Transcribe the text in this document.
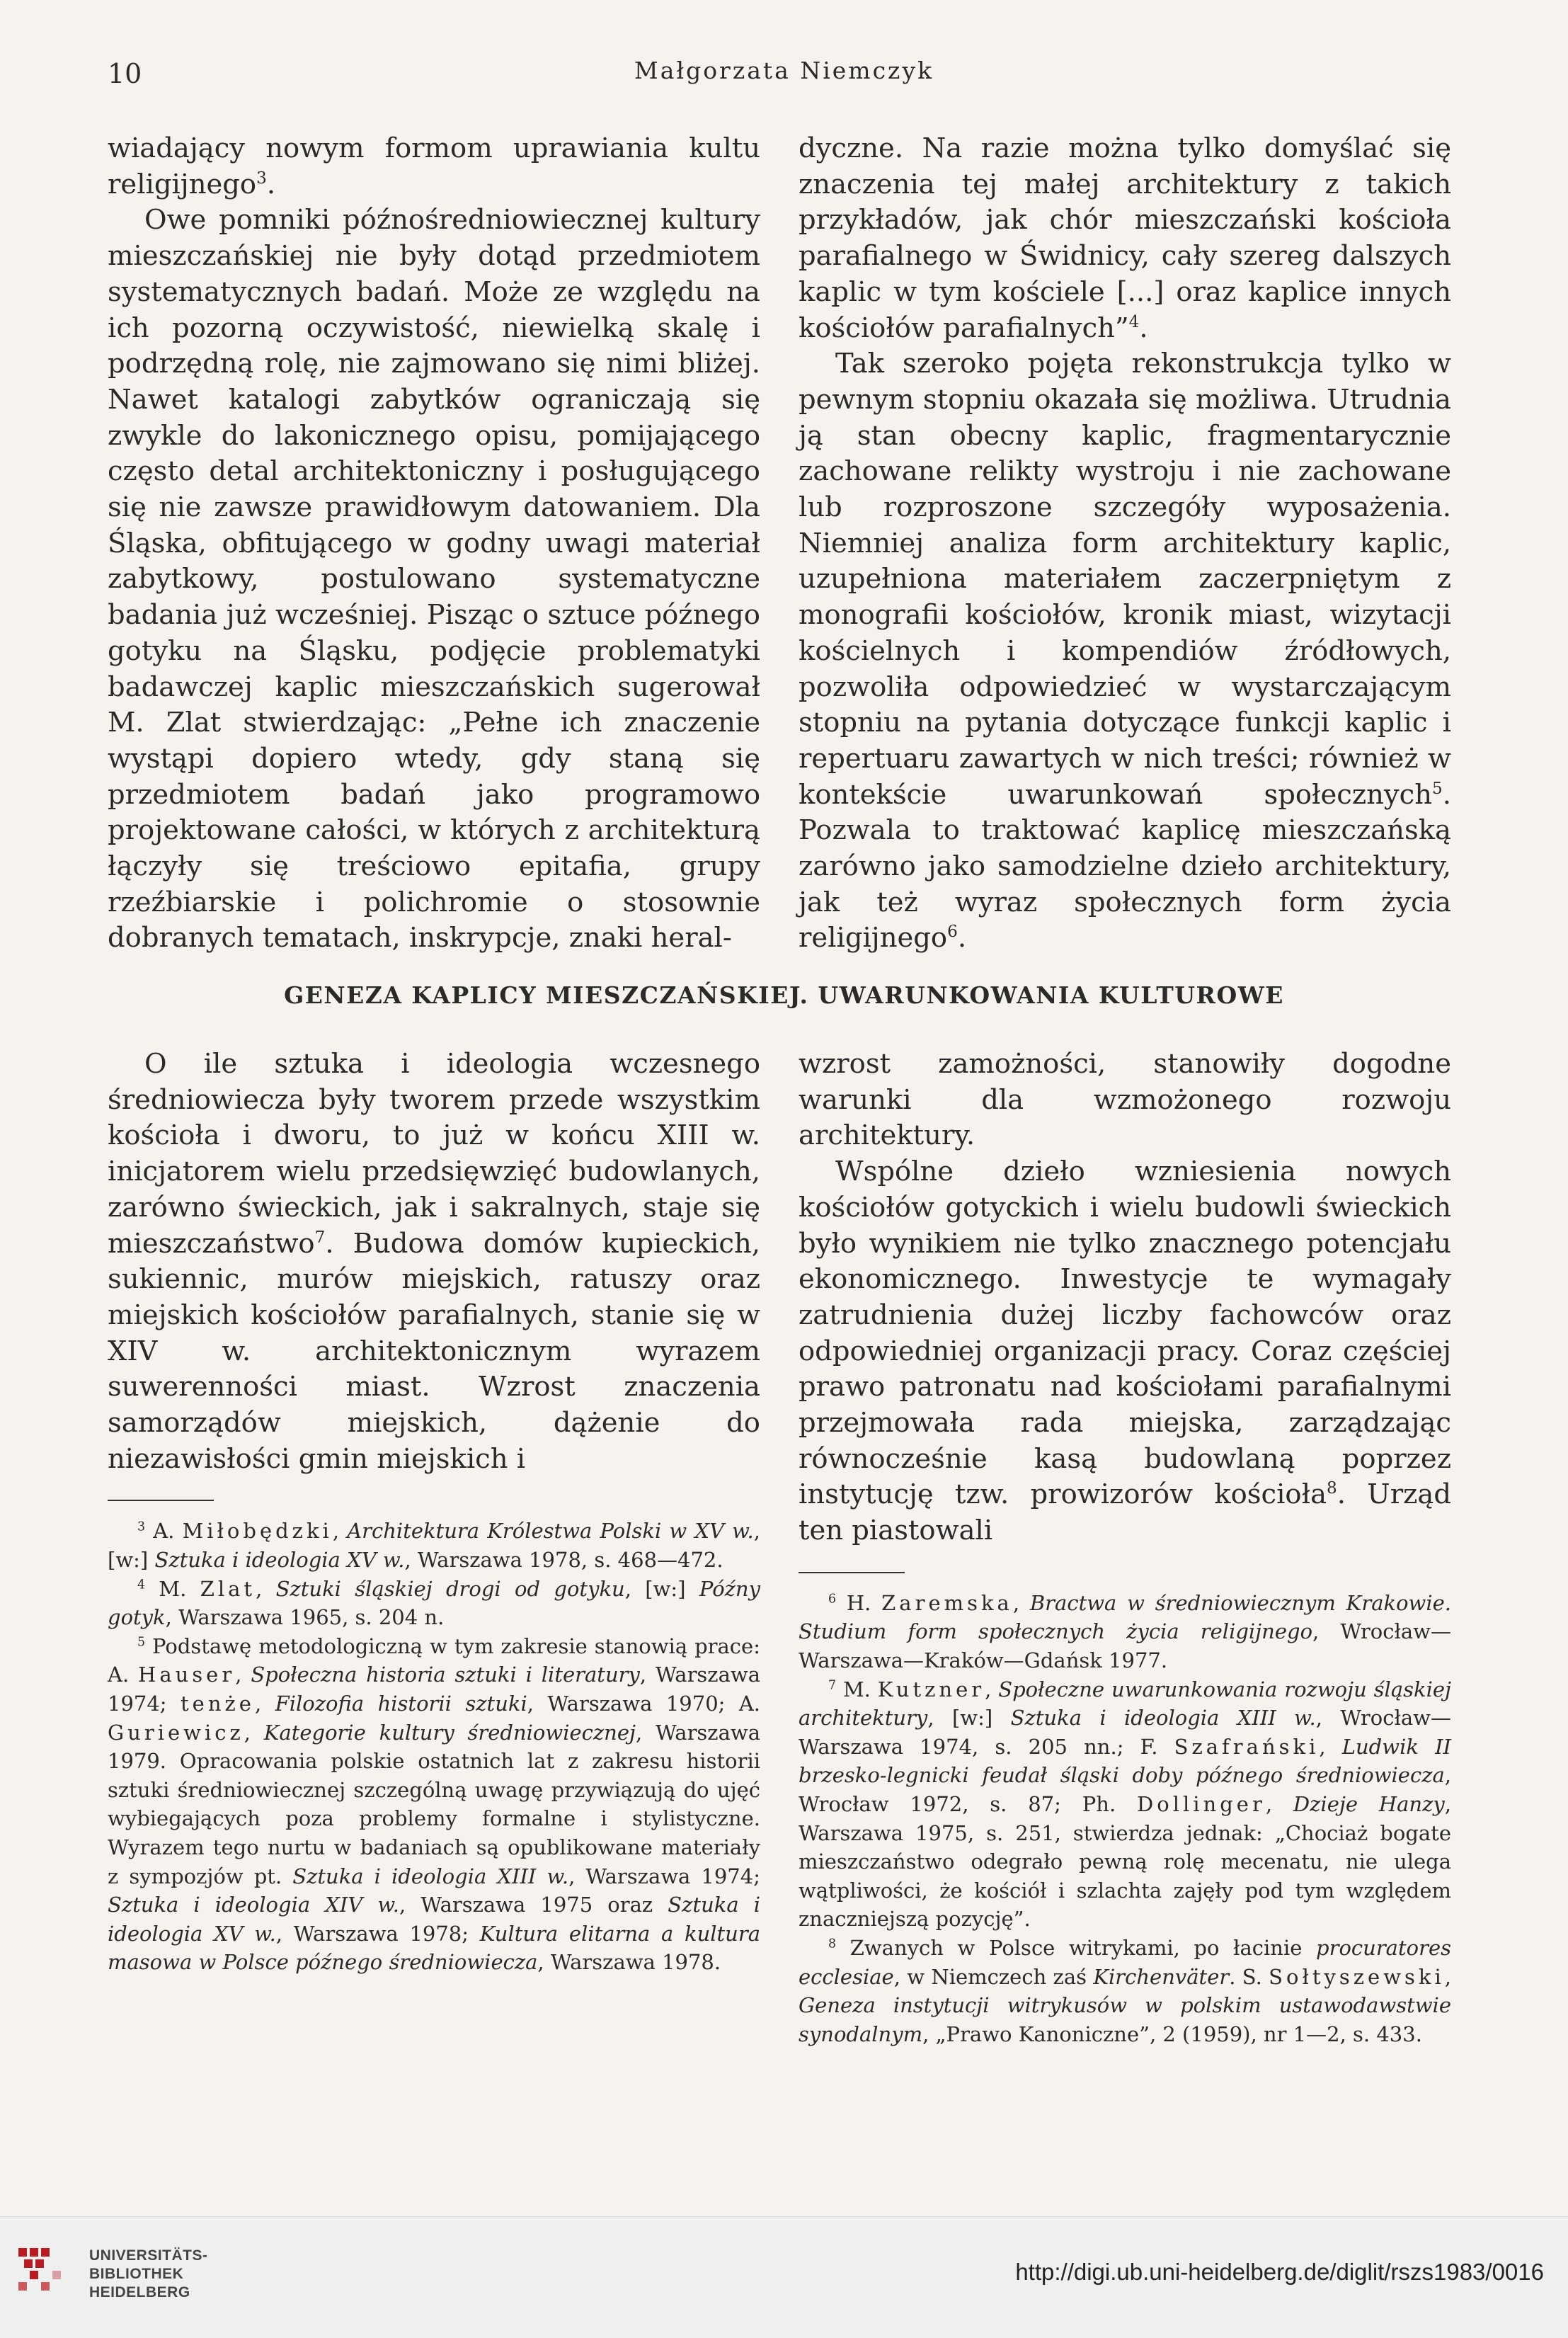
10	Małgorzata Niemczyk

wiadający nowym formom uprawiania kultu religijnego$^3$.

Owe pomniki późnośredniowiecznej kultury mieszczańskiej nie były dotąd przedmiotem systematycznych badań. Może ze względu na ich pozorną oczywistość, niewielką skalę i podrzędną rolę, nie zajmowano się nimi bliżej. Nawet katalogi zabytków ograniczają się zwykle do lakonicznego opisu, pomijającego często detal architektoniczny i posługującego się nie zawsze prawidłowym datowaniem. Dla Śląska, obfitującego w godny uwagi materiał zabytkowy, postulowano systematyczne badania już wcześniej. Pisząc o sztuce późnego gotyku na Śląsku, podjęcie problematyki badawczej kaplic mieszczańskich sugerował M. Zlat stwierdzając: „Pełne ich znaczenie wystąpi dopiero wtedy, gdy staną się przedmiotem badań jako programowo projektowane całości, w których z architekturą łączyły się treściowo epitafia, grupy rzeźbiarskie i polichromie o stosownie dobranych tematach, inskrypcje, znaki heral-

dyczne. Na razie można tylko domyślać się znaczenia tej małej architektury z takich przykładów, jak chór mieszczański kościoła parafialnego w Świdnicy, cały szereg dalszych kaplic w tym kościele [...] oraz kaplice innych kościołów parafialnych”$^4$.

Tak szeroko pojęta rekonstrukcja tylko w pewnym stopniu okazała się możliwa. Utrudnia ją stan obecny kaplic, fragmentarycznie zachowane relikty wystroju i nie zachowane lub rozproszone szczegóły wyposażenia. Niemniej analiza form architektury kaplic, uzupełniona materiałem zaczerpniętym z monografii kościołów, kronik miast, wizytacji kościelnych i kompendiów źródłowych, pozwoliła odpowiedzieć w wystarczającym stopniu na pytania dotyczące funkcji kaplic i repertuaru zawartych w nich treści; również w kontekście uwarunkowań społecznych$^5$. Pozwala to traktować kaplicę mieszczańską zarówno jako samodzielne dzieło architektury, jak też wyraz społecznych form życia religijnego$^6$.

GENEZA KAPLICY MIESZCZAŃSKIEJ. UWARUNKOWANIA KULTUROWE

O ile sztuka i ideologia wczesnego średniowiecza były tworem przede wszystkim kościoła i dworu, to już w końcu XIII w. inicjatorem wielu przedsięwzięć budowlanych, zarówno świeckich, jak i sakralnych, staje się mieszczaństwo$^7$. Budowa domów kupieckich, sukiennic, murów miejskich, ratuszy oraz miejskich kościołów parafialnych, stanie się w XIV w. architektonicznym wyrazem suwerenności miast. Wzrost znaczenia samorządów miejskich, dążenie do niezawisłości gmin miejskich i

$^3$ A. Miłobędzki, Architektura Królestwa Polski w XV w., [w:] Sztuka i ideologia XV w., Warszawa 1978, s. 468—472.

$^4$ M. Zlat, Sztuki śląskiej drogi od gotyku, [w:] Późny gotyk, Warszawa 1965, s. 204 n.

$^5$ Podstawę metodologiczną w tym zakresie stanowią prace: A. Hauser, Społeczna historia sztuki i literatury, Warszawa 1974; tenże, Filozofia historii sztuki, Warszawa 1970; A. Guriewicz, Kategorie kultury średniowiecznej, Warszawa 1979. Opracowania polskie ostatnich lat z zakresu historii sztuki średniowiecznej szczególną uwagę przywiązują do ujęć wybiegających poza problemy formalne i stylistyczne. Wyrazem tego nurtu w badaniach są opublikowane materiały z sympozjów pt. Sztuka i ideologia XIII w., Warszawa 1974; Sztuka i ideologia XIV w., Warszawa 1975 oraz Sztuka i ideologia XV w., Warszawa 1978; Kultura elitarna a kultura masowa w Polsce późnego średniowiecza, Warszawa 1978.

wzrost zamożności, stanowiły dogodne warunki dla wzmożonego rozwoju architektury.

Wspólne dzieło wzniesienia nowych kościołów gotyckich i wielu budowli świeckich było wynikiem nie tylko znacznego potencjału ekonomicznego. Inwestycje te wymagały zatrudnienia dużej liczby fachowców oraz odpowiedniej organizacji pracy. Coraz częściej prawo patronatu nad kościołami parafialnymi przejmowała rada miejska, zarządzając równocześnie kasą budowlaną poprzez instytucję tzw. prowizorów kościoła$^8$. Urząd ten piastowali

$^6$ H. Zaremska, Bractwa w średniowiecznym Krakowie. Studium form społecznych życia religijnego, Wrocław—Warszawa—Kraków—Gdańsk 1977.

$^7$ M. Kutzner, Społeczne uwarunkowania rozwoju śląskiej architektury, [w:] Sztuka i ideologia XIII w., Wrocław—Warszawa 1974, s. 205 nn.; F. Szafrański, Ludwik II brzesko-legnicki feudał śląski doby późnego średniowiecza, Wrocław 1972, s. 87; Ph. Dollinger, Dzieje Hanzy, Warszawa 1975, s. 251, stwierdza jednak: „Chociaż bogate mieszczaństwo odegrało pewną rolę mecenatu, nie ulega wątpliwości, że kościół i szlachta zajęły pod tym względem znaczniejszą pozycję”.

$^8$ Zwanych w Polsce witrykami, po łacinie procuratores ecclesiae, w Niemczech zaś Kirchenväter. S. Sołtyszewski, Geneza instytucji witrykusów w polskim ustawodawstwie synodalnym, „Prawo Kanoniczne”, 2 (1959), nr 1—2, s. 433.

UNIVERSITÄTS-
BIBLIOTHEK
HEIDELBERG
http://digi.ub.uni-heidelberg.de/diglit/rszs1983/0016
